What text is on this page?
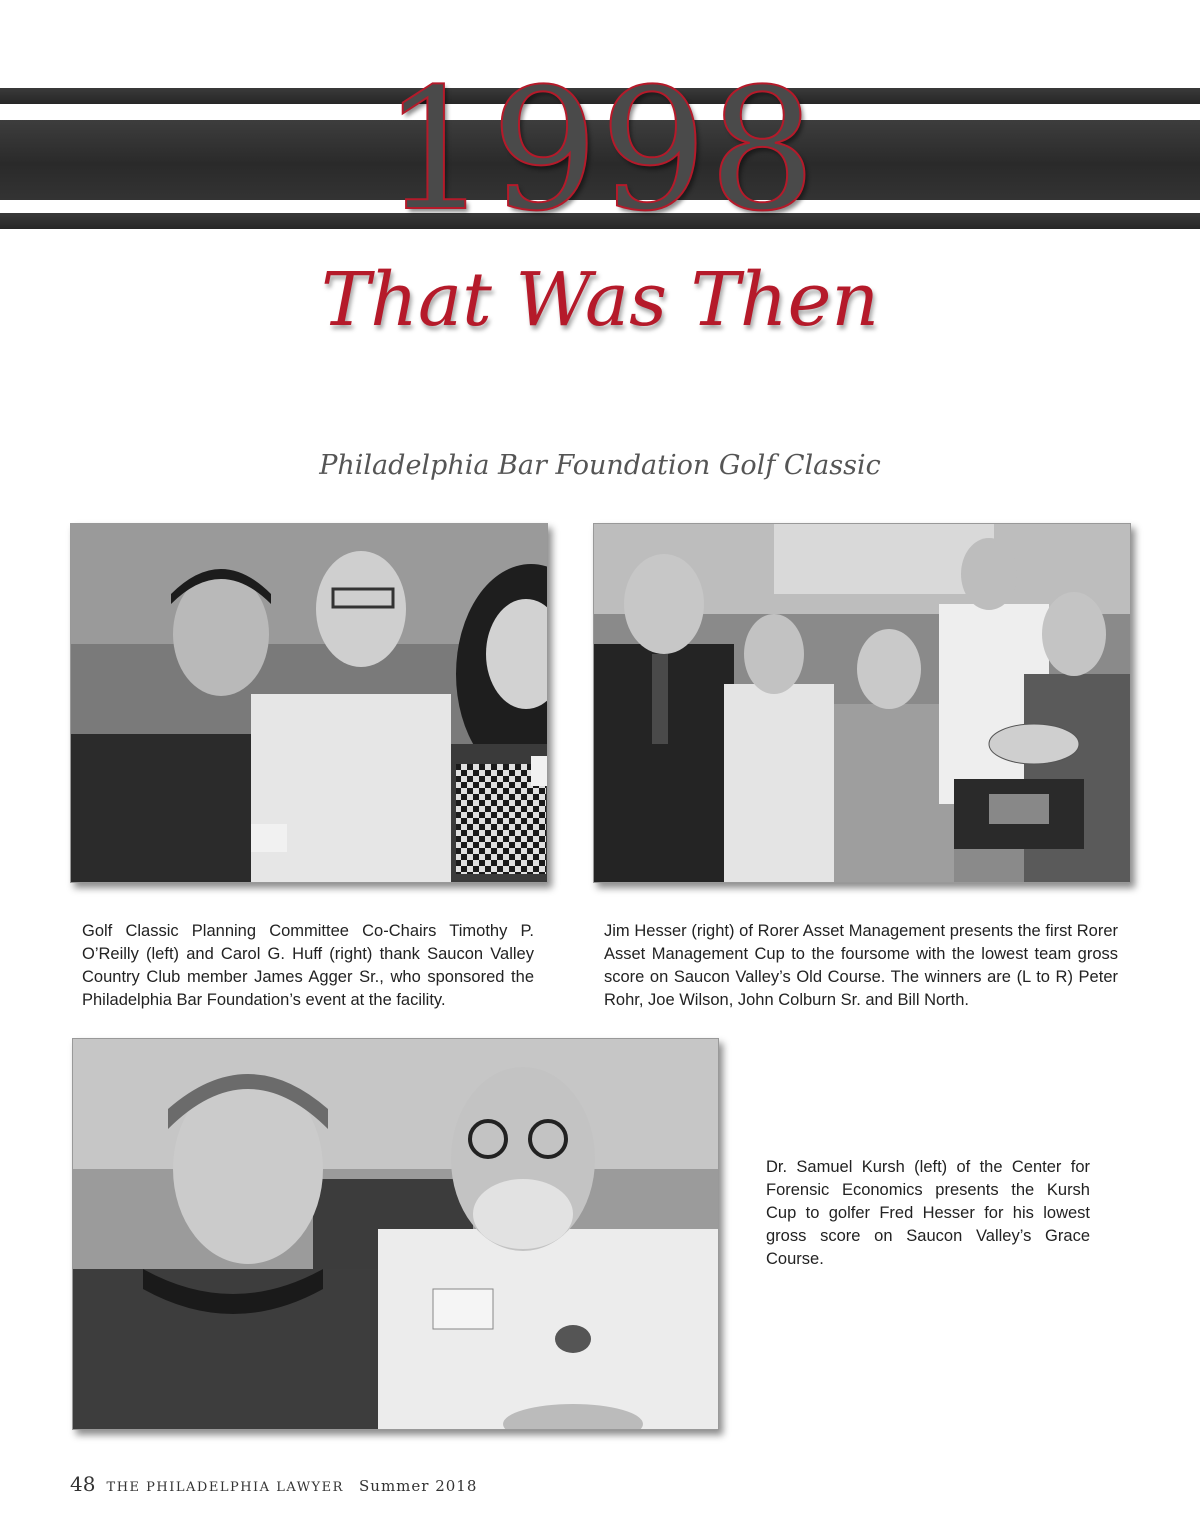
1998
That Was Then
Philadelphia Bar Foundation Golf Classic
Golf Classic Planning Committee Co-Chairs Timothy P. O’Reilly (left) and Carol G. Huff (right) thank Saucon Valley Country Club member James Agger Sr., who sponsored the Philadelphia Bar Foundation’s event at the facility.
Jim Hesser (right) of Rorer Asset Management presents the first Rorer Asset Management Cup to the foursome with the lowest team gross score on Saucon Valley’s Old Course. The winners are (L to R) Peter Rohr, Joe Wilson, John Colburn Sr. and Bill North.
Dr. Samuel Kursh (left) of the Center for Forensic Economics presents the Kursh Cup to golfer Fred Hesser for his lowest gross score on Saucon Valley’s Grace Course.
48 THE PHILADELPHIA LAWYER Summer 2018
